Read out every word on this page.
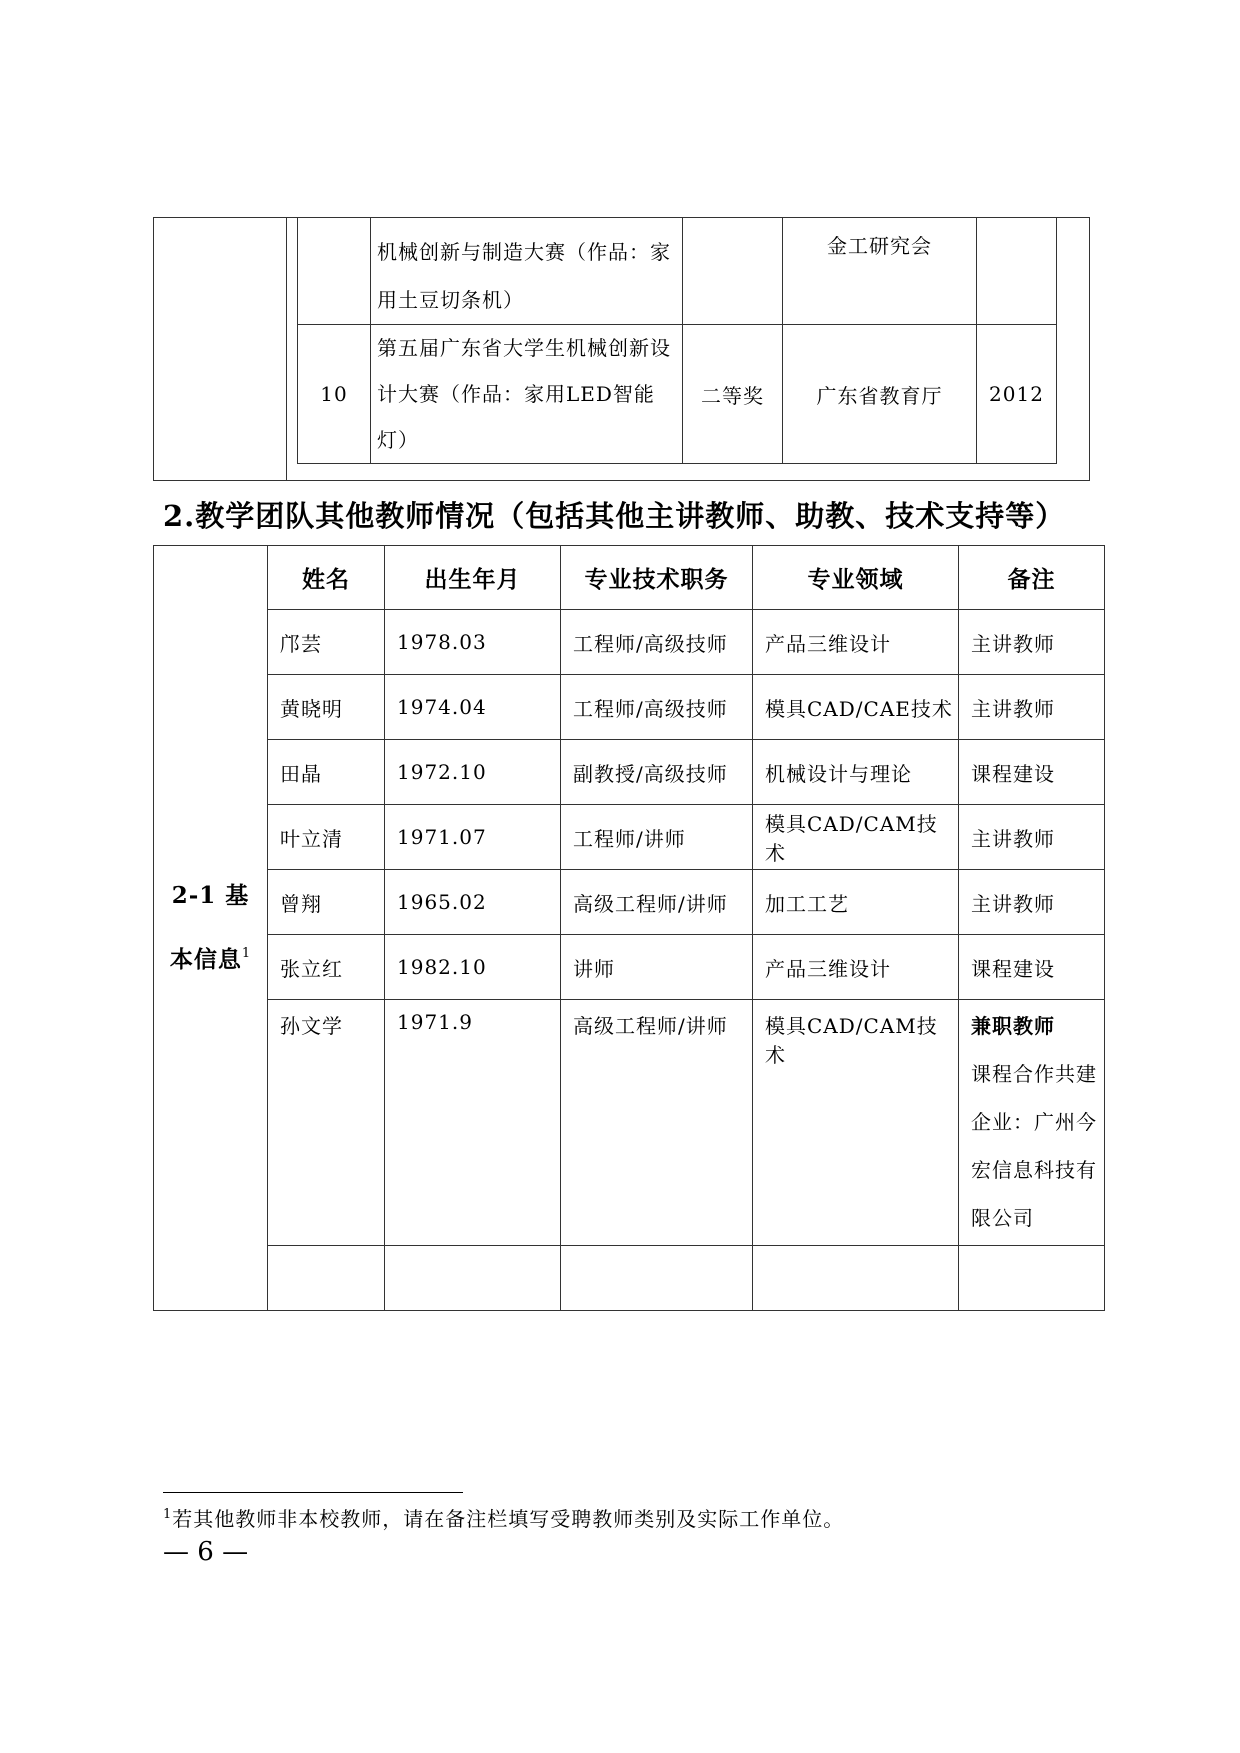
	机械创新与制造大赛（作品：家用土豆切条机）		金工研究会	
10	第五届广东省大学生机械创新设计大赛（作品：家用LED智能灯）	二等奖	广东省教育厅	2012
2.教学团队其他教师情况（包括其他主讲教师、助教、技术支持等）
2-1 基本信息$^1$	姓名	出生年月	专业技术职务	专业领域	备注
	邝芸	1978.03	工程师/高级技师	产品三维设计	主讲教师
	黄晓明	1974.04	工程师/高级技师	模具CAD/CAE技术	主讲教师
	田晶	1972.10	副教授/高级技师	机械设计与理论	课程建设
	叶立清	1971.07	工程师/讲师	模具CAD/CAM技术	主讲教师
	曾翔	1965.02	高级工程师/讲师	加工工艺	主讲教师
	张立红	1982.10	讲师	产品三维设计	课程建设
	孙文学	1971.9	高级工程师/讲师	模具CAD/CAM技术	兼职教师
课程合作共建企业：广州今宏信息科技有限公司

$^1$若其他教师非本校教师，请在备注栏填写受聘教师类别及实际工作单位。
— 6 —
